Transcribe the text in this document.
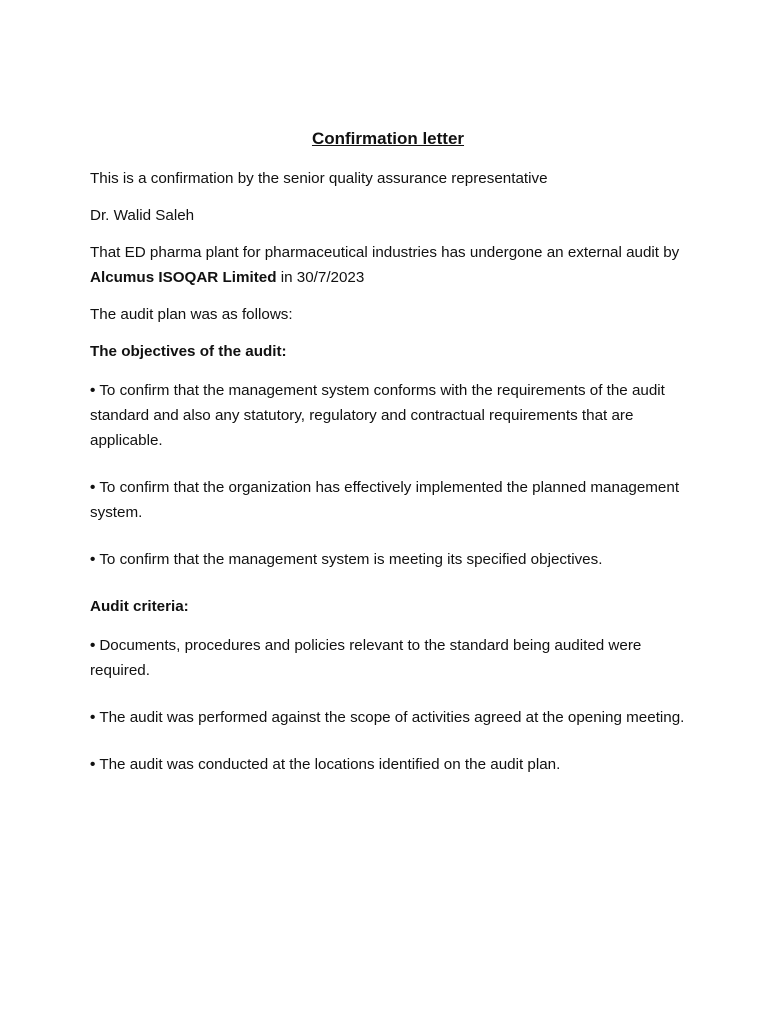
Confirmation letter

This is a confirmation by the senior quality assurance representative

Dr. Walid Saleh

That ED pharma plant for pharmaceutical industries has undergone an external audit by Alcumus ISOQAR Limited in 30/7/2023

The audit plan was as follows:

The objectives of the audit:
• To confirm that the management system conforms with the requirements of the audit standard and also any statutory, regulatory and contractual requirements that are applicable.
• To confirm that the organization has effectively implemented the planned management system.
• To confirm that the management system is meeting its specified objectives.
Audit criteria:
• Documents, procedures and policies relevant to the standard being audited were required.
• The audit was performed against the scope of activities agreed at the opening meeting.
• The audit was conducted at the locations identified on the audit plan.
